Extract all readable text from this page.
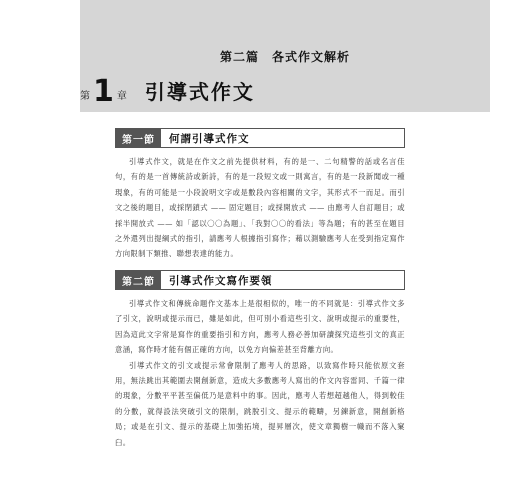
第二篇　各式作文解析
第 1 章 引導式作文
第一節	何謂引導式作文

引導式作文，就是在作文之前先提供材料，有的是一、二句精警的話或名言佳句，有的是一首傳統詩或新詩，有的是一段短文或一則寓言，有的是一段新聞或一種現象，有的可能是一小段說明文字或是數段內容相關的文字，其形式不一而足。而引文之後的題目，或採閉鎖式 —— 固定題目；或採開放式 —— 由應考人自訂題目；或採半開放式 —— 如「認以〇〇為題」、「我對〇〇的看法」等為題；有的甚至在題目之外還列出提綱式的指引，請應考人根據指引寫作；藉以測驗應考人在受到指定寫作方向限制下類推、聯想表達的能力。

第二節	引導式作文寫作要領

引導式作文和傳統命題作文基本上是很相似的，唯一的不同就是：引導式作文多了引文，說明或提示而已，雖是如此，但可別小看這些引文、說明或提示的重要性，因為這此文字常是寫作的重要指引和方向，應考人務必善加研讀探究這些引文的真正意涵，寫作時才能有個正確的方向，以免方向偏差甚至背離方向。

引導式作文的引文或提示常會限制了應考人的思路，以致寫作時只能依原文套用，無法跳出其範圍去開創新意，造成大多數應考人寫出的作文內容雷同、千篇一律的現象，分數平平甚至偏低乃是意料中的事。因此，應考人若想超越他人，得到較佳的分數，就得設法突破引文的限制，跳脫引文、提示的範疇，另鍊新意，開創新格局；或是在引文、提示的基礎上加強拓境，提昇層次，使文章獨樹一幟而不落入窠臼。
